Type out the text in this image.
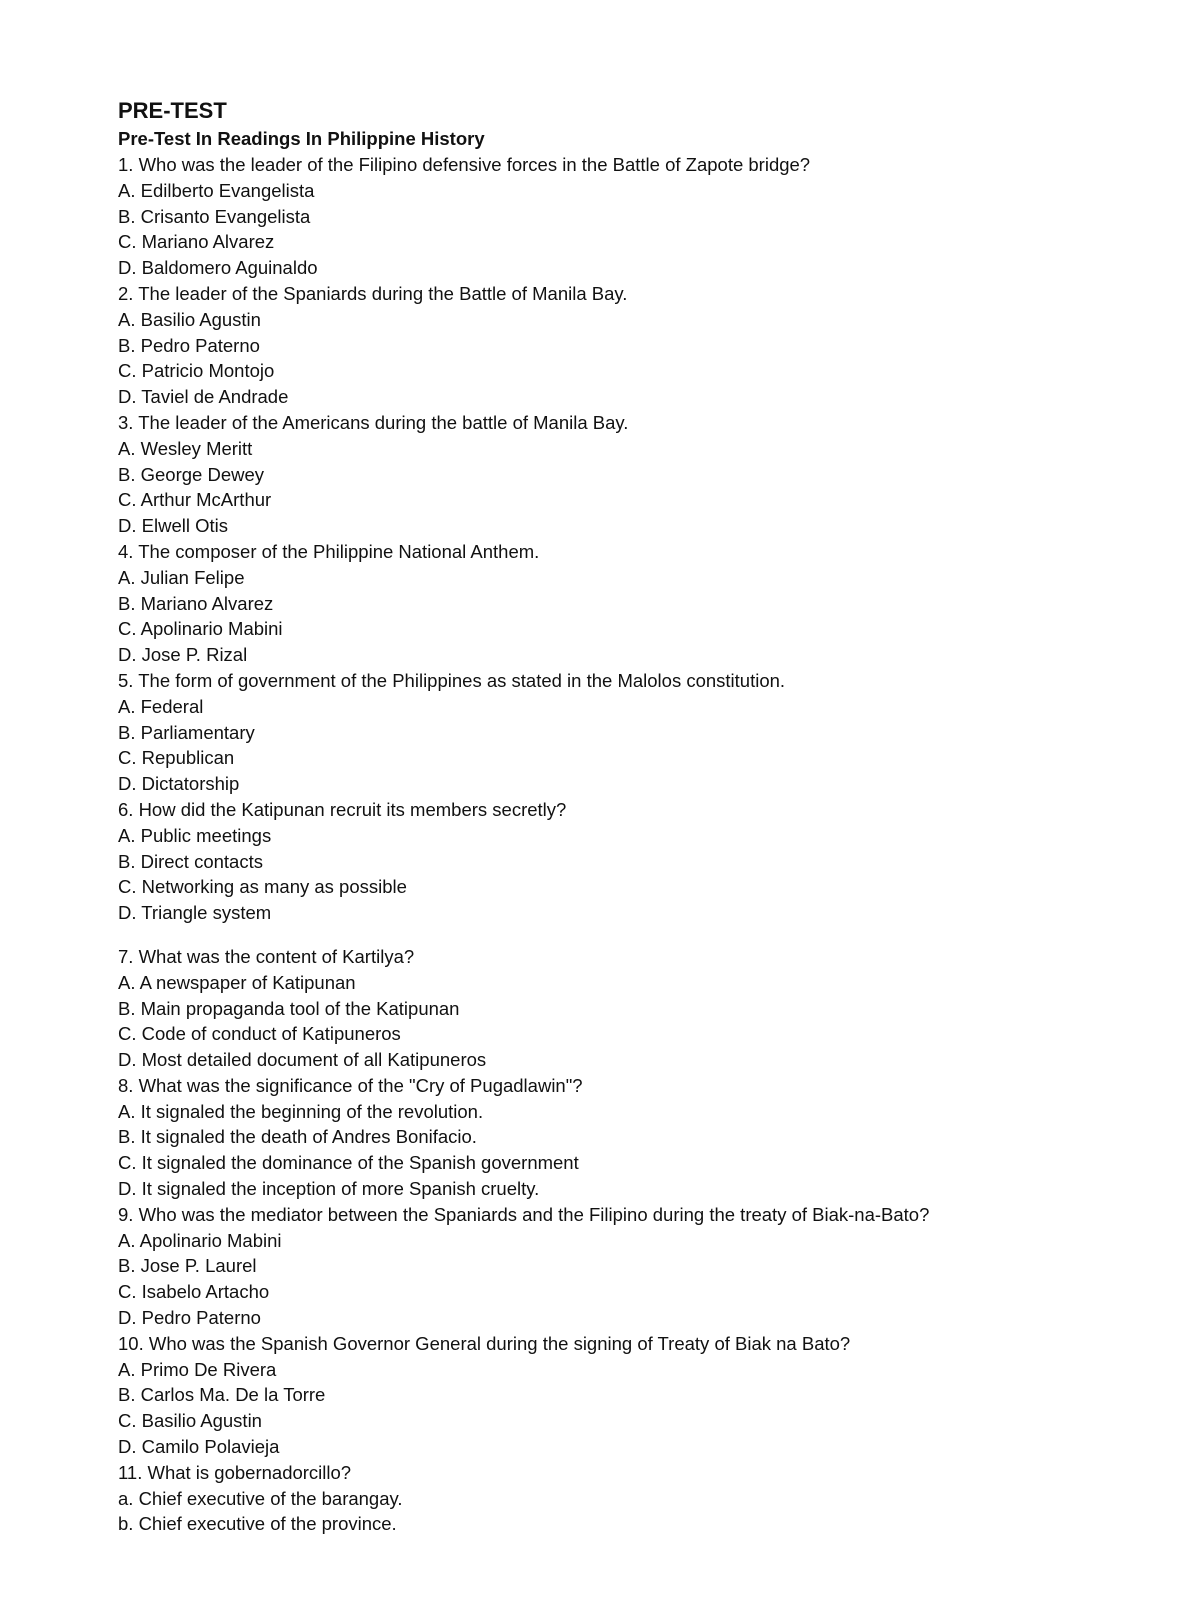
PRE-TEST
Pre-Test In Readings In Philippine History
1. Who was the leader of the Filipino defensive forces in the Battle of Zapote bridge?
A. Edilberto Evangelista
B. Crisanto Evangelista
C. Mariano Alvarez
D. Baldomero Aguinaldo
2. The leader of the Spaniards during the Battle of Manila Bay.
A. Basilio Agustin
B. Pedro Paterno
C. Patricio Montojo
D. Taviel de Andrade
3. The leader of the Americans during the battle of Manila Bay.
A. Wesley Meritt
B. George Dewey
C. Arthur McArthur
D. Elwell Otis
4. The composer of the Philippine National Anthem.
A. Julian Felipe
B. Mariano Alvarez
C. Apolinario Mabini
D. Jose P. Rizal
5. The form of government of the Philippines as stated in the Malolos constitution.
A. Federal
B. Parliamentary
C. Republican
D. Dictatorship
6. How did the Katipunan recruit its members secretly?
A. Public meetings
B. Direct contacts
C. Networking as many as possible
D. Triangle system
7. What was the content of Kartilya?
A. A newspaper of Katipunan
B. Main propaganda tool of the Katipunan
C. Code of conduct of Katipuneros
D. Most detailed document of all Katipuneros
8. What was the significance of the "Cry of Pugadlawin"?
A. It signaled the beginning of the revolution.
B. It signaled the death of Andres Bonifacio.
C. It signaled the dominance of the Spanish government
D. It signaled the inception of more Spanish cruelty.
9. Who was the mediator between the Spaniards and the Filipino during the treaty of Biak-na-Bato?
A. Apolinario Mabini
B. Jose P. Laurel
C. Isabelo Artacho
D. Pedro Paterno
10. Who was the Spanish Governor General during the signing of Treaty of Biak na Bato?
A. Primo De Rivera
B. Carlos Ma. De la Torre
C. Basilio Agustin
D. Camilo Polavieja
11. What is gobernadorcillo?
a. Chief executive of the barangay.
b. Chief executive of the province.
